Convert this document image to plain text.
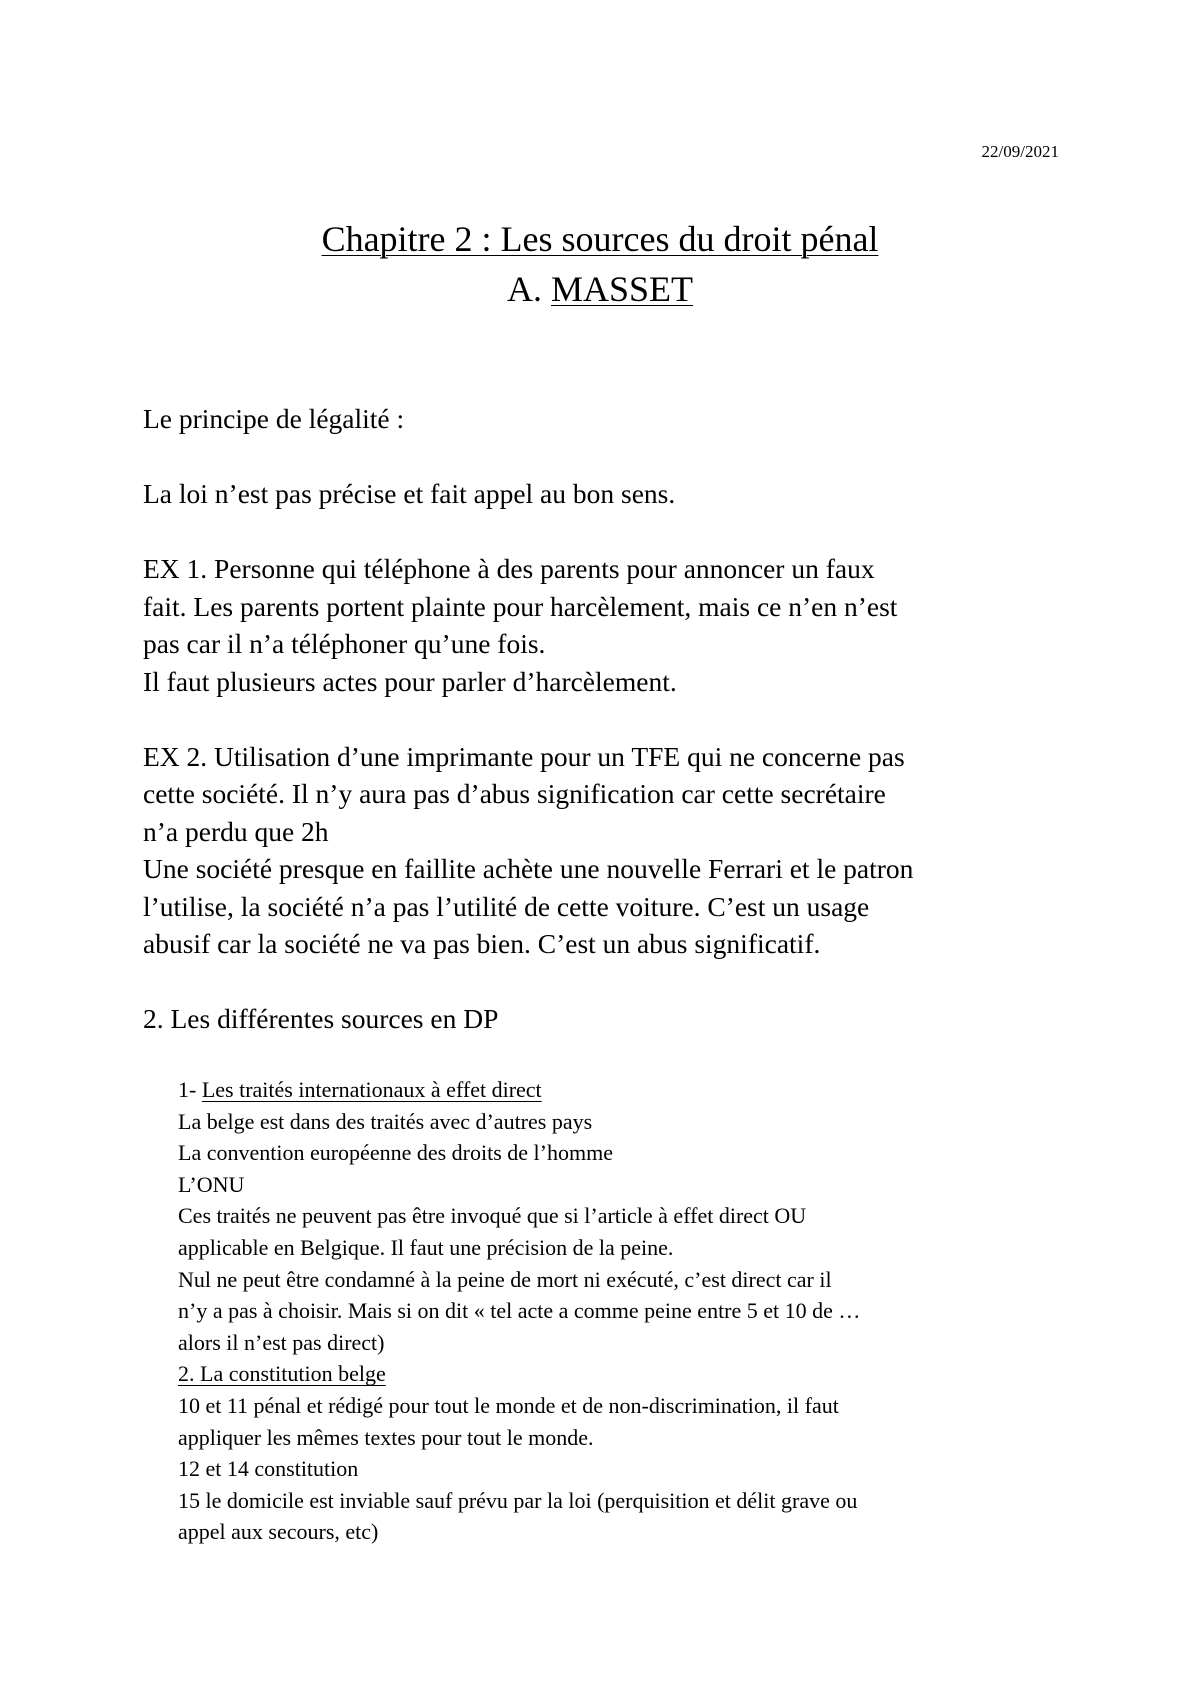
22/09/2021
Chapitre 2 : Les sources du droit pénal
A. MASSET

Le principe de légalité :

La loi n’est pas précise et fait appel au bon sens.

EX 1. Personne qui téléphone à des parents pour annoncer un faux
fait. Les parents portent plainte pour harcèlement, mais ce n’en n’est
pas car il n’a téléphoner qu’une fois.
Il faut plusieurs actes pour parler d’harcèlement.

EX 2. Utilisation d’une imprimante pour un TFE qui ne concerne pas
cette société. Il n’y aura pas d’abus signification car cette secrétaire
n’a perdu que 2h
Une société presque en faillite achète une nouvelle Ferrari et le patron
l’utilise, la société n’a pas l’utilité de cette voiture. C’est un usage
abusif car la société ne va pas bien. C’est un abus significatif.

2. Les différentes sources en DP

1- Les traités internationaux à effet direct
La belge est dans des traités avec d’autres pays
La convention européenne des droits de l’homme
L’ONU
Ces traités ne peuvent pas être invoqué que si l’article à effet direct OU
applicable en Belgique. Il faut une précision de la peine.
Nul ne peut être condamné à la peine de mort ni exécuté, c’est direct car il
n’y a pas à choisir. Mais si on dit « tel acte a comme peine entre 5 et 10 de …
alors il n’est pas direct)
2. La constitution belge
10 et 11 pénal et rédigé pour tout le monde et de non-discrimination, il faut
appliquer les mêmes textes pour tout le monde.
12 et 14 constitution
15 le domicile est inviable sauf prévu par la loi (perquisition et délit grave ou
appel aux secours, etc)
